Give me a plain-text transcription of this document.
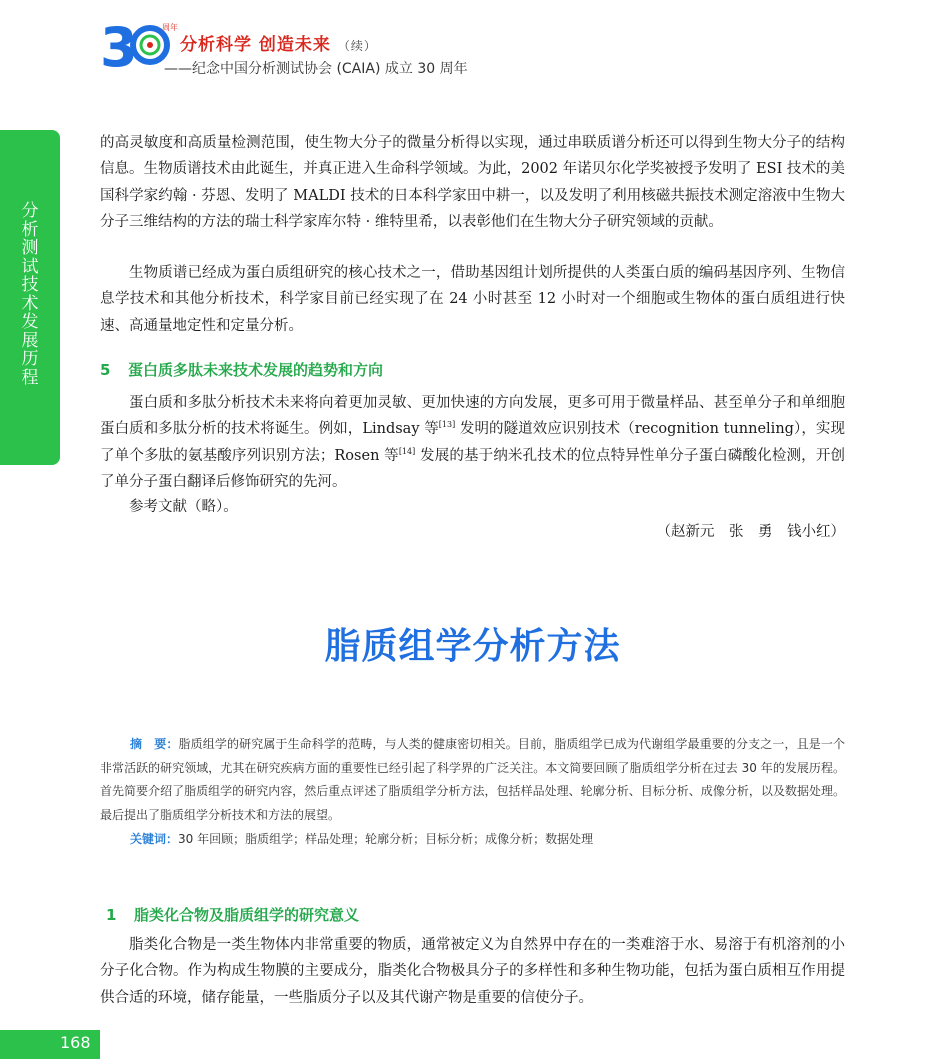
3	周年
分析科学 创造未来 （续）
——纪念中国分析测试协会 (CAIA) 成立 30 周年
分
析
测
试
技
术
发
展
历
程
的高灵敏度和高质量检测范围，使生物大分子的微量分析得以实现，通过串联质谱分析还可以得到生物大分子的结构信息。生物质谱技术由此诞生，并真正进入生命科学领域。为此，2002 年诺贝尔化学奖被授予发明了 ESI 技术的美国科学家约翰 · 芬恩、发明了 MALDI 技术的日本科学家田中耕一，以及发明了利用核磁共振技术测定溶液中生物大分子三维结构的方法的瑞士科学家库尔特 · 维特里希，以表彰他们在生物大分子研究领域的贡献。
生物质谱已经成为蛋白质组研究的核心技术之一，借助基因组计划所提供的人类蛋白质的编码基因序列、生物信息学技术和其他分析技术，科学家目前已经实现了在 24 小时甚至 12 小时对一个细胞或生物体的蛋白质组进行快速、高通量地定性和定量分析。
5 蛋白质多肽未来技术发展的趋势和方向
蛋白质和多肽分析技术未来将向着更加灵敏、更加快速的方向发展，更多可用于微量样品、甚至单分子和单细胞蛋白质和多肽分析的技术将诞生。例如，Lindsay 等[13] 发明的隧道效应识别技术（recognition tunneling），实现了单个多肽的氨基酸序列识别方法；Rosen 等[14] 发展的基于纳米孔技术的位点特异性单分子蛋白磷酸化检测，开创了单分子蛋白翻译后修饰研究的先河。
参考文献（略）。
（赵新元　张　勇　钱小红）
脂质组学分析方法
摘　要：脂质组学的研究属于生命科学的范畴，与人类的健康密切相关。目前，脂质组学已成为代谢组学最重要的分支之一，且是一个非常活跃的研究领域，尤其在研究疾病方面的重要性已经引起了科学界的广泛关注。本文简要回顾了脂质组学分析在过去 30 年的发展历程。首先简要介绍了脂质组学的研究内容，然后重点评述了脂质组学分析方法，包括样品处理、轮廓分析、目标分析、成像分析，以及数据处理。最后提出了脂质组学分析技术和方法的展望。
关键词：30 年回顾；脂质组学；样品处理；轮廓分析；目标分析；成像分析；数据处理
1 脂类化合物及脂质组学的研究意义
脂类化合物是一类生物体内非常重要的物质，通常被定义为自然界中存在的一类难溶于水、易溶于有机溶剂的小分子化合物。作为构成生物膜的主要成分，脂类化合物极具分子的多样性和多种生物功能，包括为蛋白质相互作用提供合适的环境，储存能量，一些脂质分子以及其代谢产物是重要的信使分子。
168
